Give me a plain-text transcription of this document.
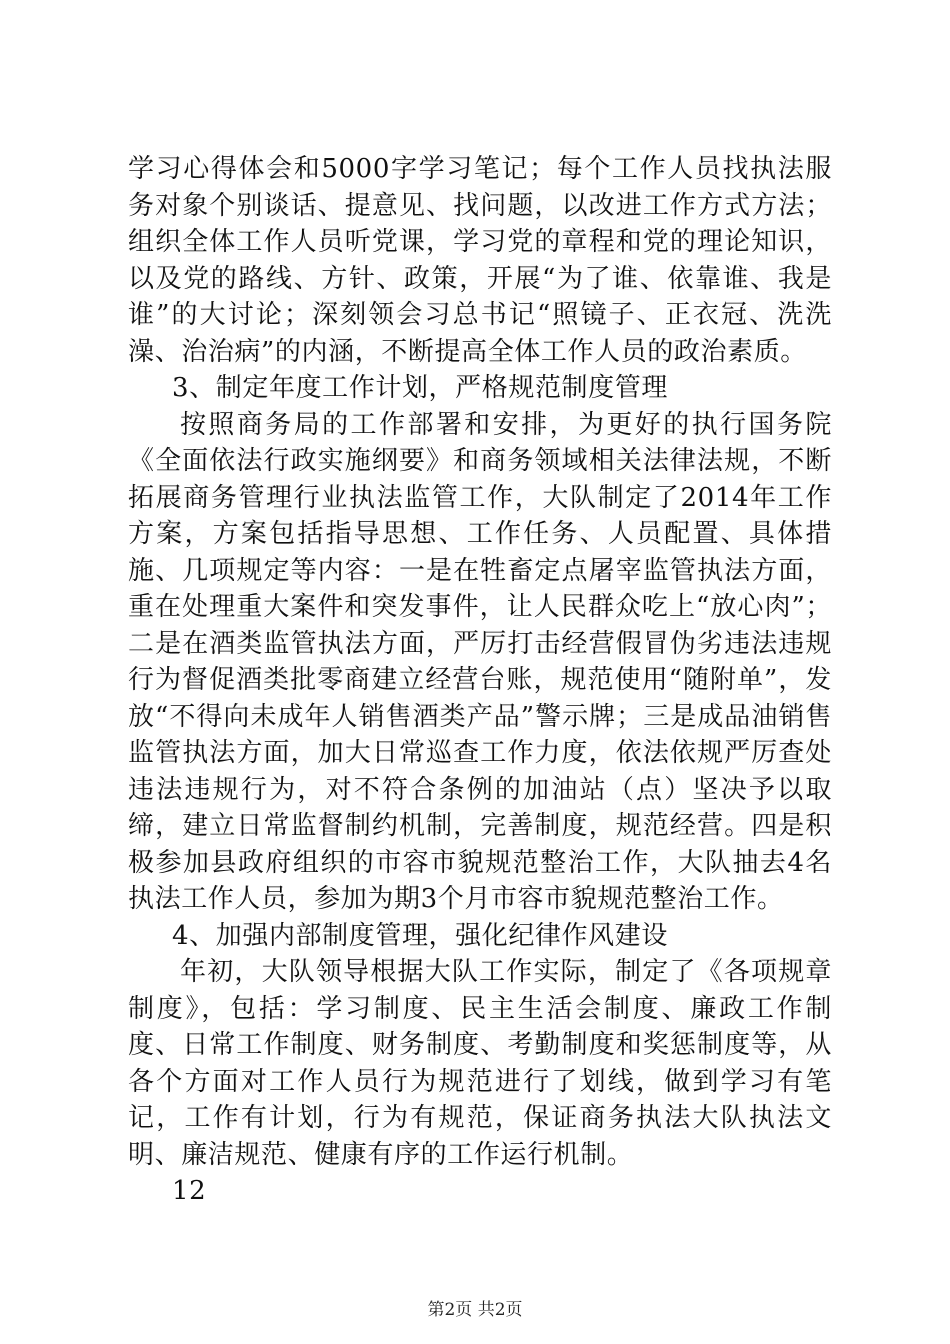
学习心得体会和5000字学习笔记；每个工作人员找执法服务对象个别谈话、提意见、找问题，以改进工作方式方法；组织全体工作人员听党课，学习党的章程和党的理论知识，以及党的路线、方针、政策，开展“为了谁、依靠谁、我是谁”的大讨论；深刻领会习总书记“照镜子、正衣冠、洗洗澡、治治病”的内涵，不断提高全体工作人员的政治素质。

3、制定年度工作计划，严格规范制度管理

按照商务局的工作部署和安排，为更好的执行国务院《全面依法行政实施纲要》和商务领域相关法律法规，不断拓展商务管理行业执法监管工作，大队制定了2014年工作方案，方案包括指导思想、工作任务、人员配置、具体措施、几项规定等内容：一是在牲畜定点屠宰监管执法方面，重在处理重大案件和突发事件，让人民群众吃上“放心肉”；二是在酒类监管执法方面，严厉打击经营假冒伪劣违法违规行为督促酒类批零商建立经营台账，规范使用“随附单”，发放“不得向未成年人销售酒类产品”警示牌；三是成品油销售监管执法方面，加大日常巡查工作力度，依法依规严厉查处违法违规行为，对不符合条例的加油站（点）坚决予以取缔，建立日常监督制约机制，完善制度，规范经营。四是积极参加县政府组织的市容市貌规范整治工作，大队抽去4名执法工作人员，参加为期3个月市容市貌规范整治工作。

4、加强内部制度管理，强化纪律作风建设

年初，大队领导根据大队工作实际，制定了《各项规章制度》，包括：学习制度、民主生活会制度、廉政工作制度、日常工作制度、财务制度、考勤制度和奖惩制度等，从各个方面对工作人员行为规范进行了划线，做到学习有笔记，工作有计划，行为有规范，保证商务执法大队执法文明、廉洁规范、健康有序的工作运行机制。

12

第2页 共2页
